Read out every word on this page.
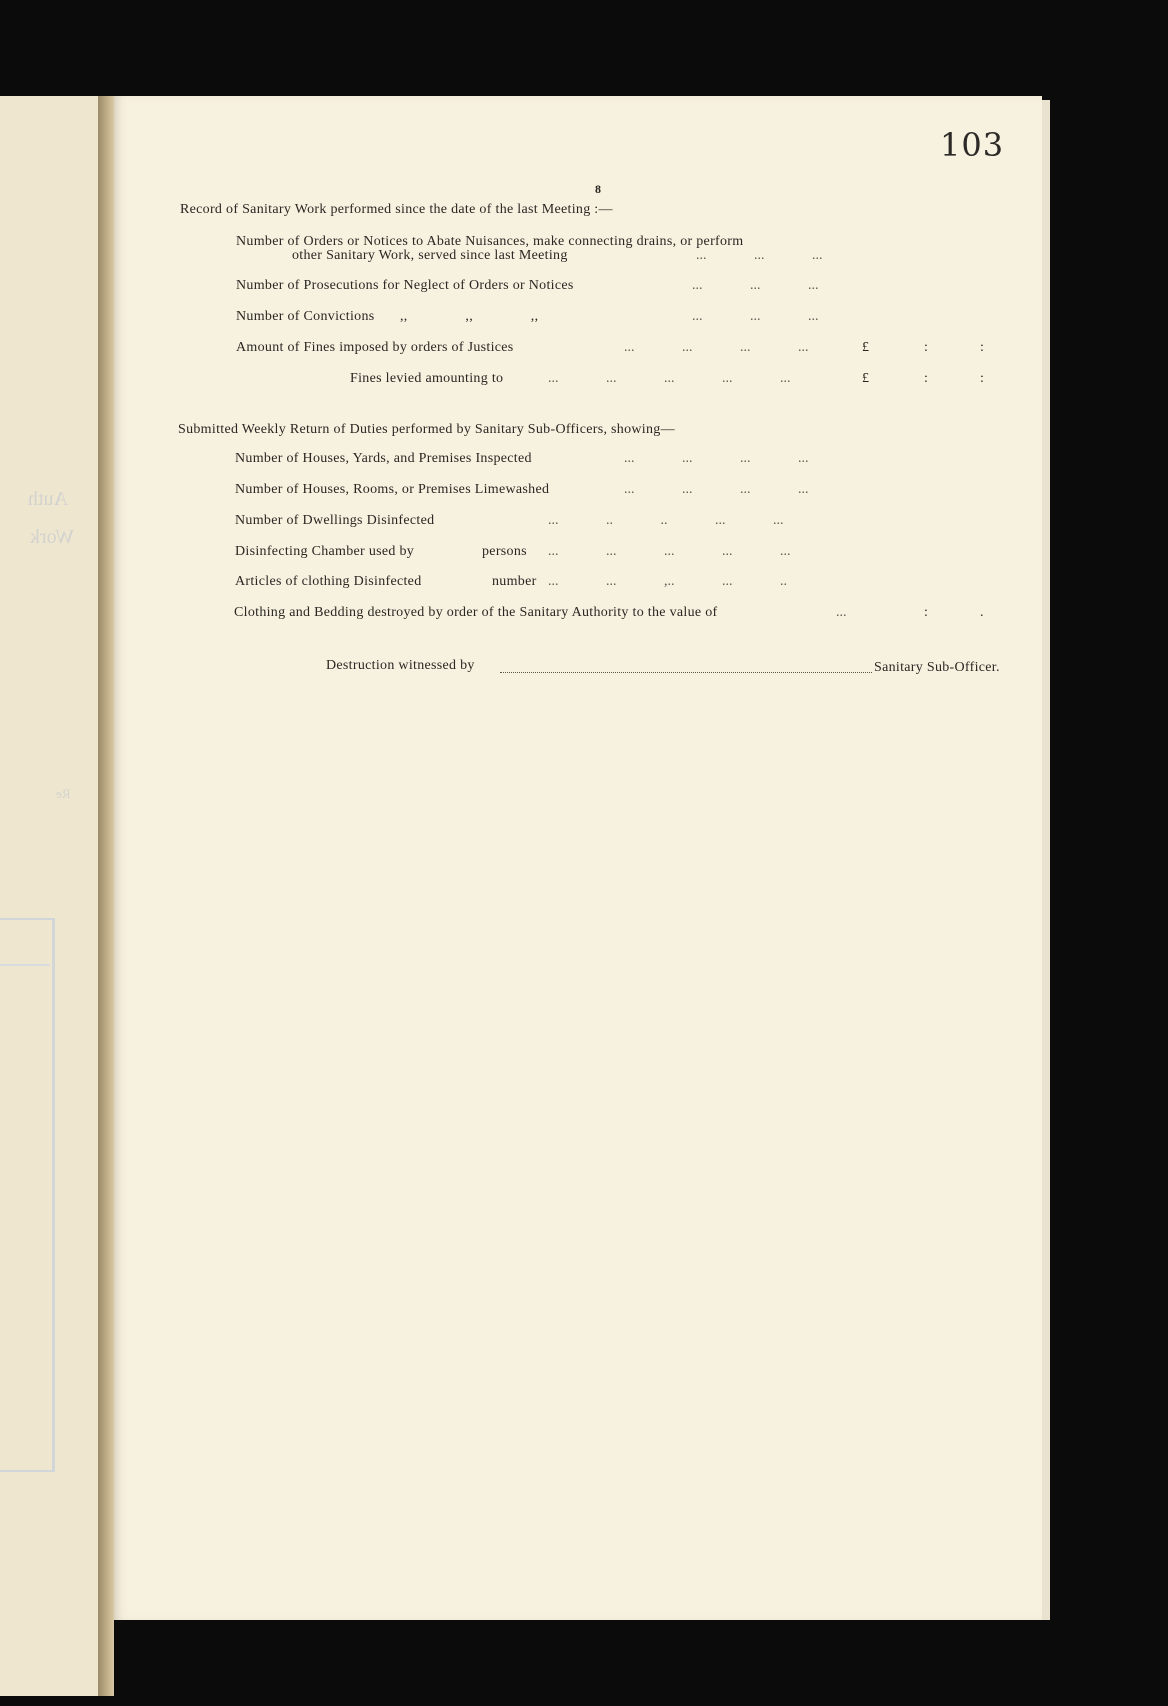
Auth
Work
Re
103
8
Record of Sanitary Work performed since the date of the last Meeting :—
Number of Orders or Notices to Abate Nuisances, make connecting drains, or perform
other Sanitary Work, served since last Meeting	... ... ...
Number of Prosecutions for Neglect of Orders or Notices	... ... ...
Number of Convictions ,, ,, ,,	... ... ...
Amount of Fines imposed by orders of Justices	... ... ... ...	£	: :
Fines levied amounting to	... ... ... ... ...	£	: :
Submitted Weekly Return of Duties performed by Sanitary Sub-Officers, showing—
Number of Houses, Yards, and Premises Inspected	... ... ... ...
Number of Houses, Rooms, or Premises Limewashed	... ... ... ...
Number of Dwellings Disinfected	... .. .. ... ...
Disinfecting Chamber used by	persons ... ... ... ... ...
Articles of clothing Disinfected	number ... ... ,.. ... ..
Clothing and Bedding destroyed by order of the Sanitary Authority to the value of	...	: .
Destruction witnessed by	Sanitary Sub-Officer.
